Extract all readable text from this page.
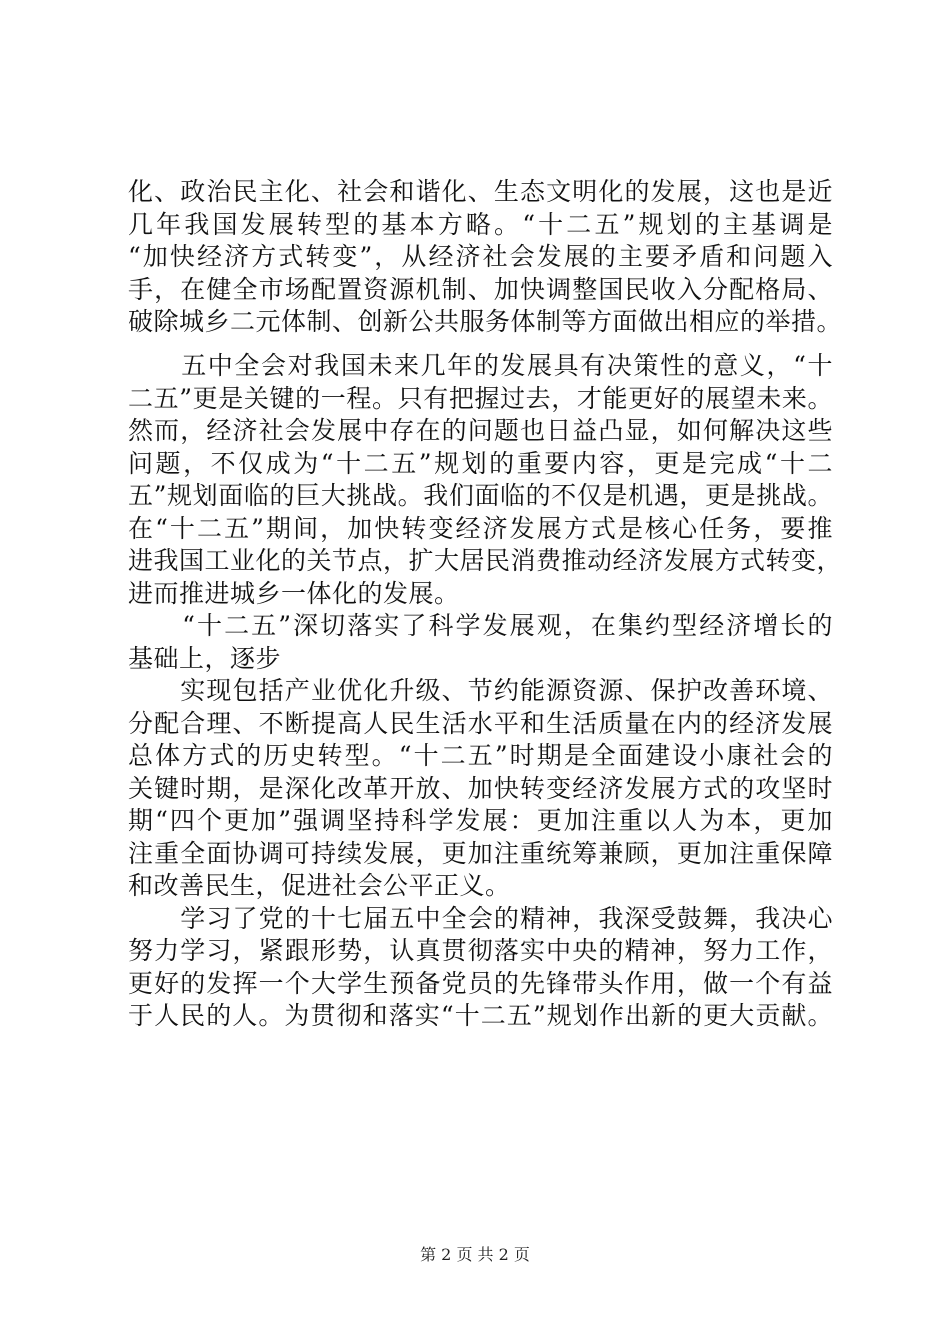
化、政治民主化、社会和谐化、生态文明化的发展，这也是近
几年我国发展转型的基本方略。“十二五”规划的主基调是
“加快经济方式转变”，从经济社会发展的主要矛盾和问题入
手，在健全市场配置资源机制、加快调整国民收入分配格局、
破除城乡二元体制、创新公共服务体制等方面做出相应的举措。
　　五中全会对我国未来几年的发展具有决策性的意义，“十
二五”更是关键的一程。只有把握过去，才能更好的展望未来。
然而，经济社会发展中存在的问题也日益凸显，如何解决这些
问题，不仅成为“十二五”规划的重要内容，更是完成“十二
五”规划面临的巨大挑战。我们面临的不仅是机遇，更是挑战。
在“十二五”期间，加快转变经济发展方式是核心任务，要推
进我国工业化的关节点，扩大居民消费推动经济发展方式转变，
进而推进城乡一体化的发展。
　　“十二五”深切落实了科学发展观，在集约型经济增长的
基础上，逐步
　　实现包括产业优化升级、节约能源资源、保护改善环境、
分配合理、不断提高人民生活水平和生活质量在内的经济发展
总体方式的历史转型。“十二五”时期是全面建设小康社会的
关键时期，是深化改革开放、加快转变经济发展方式的攻坚时
期“四个更加”强调坚持科学发展：更加注重以人为本，更加
注重全面协调可持续发展，更加注重统筹兼顾，更加注重保障
和改善民生，促进社会公平正义。
　　学习了党的十七届五中全会的精神，我深受鼓舞，我决心
努力学习，紧跟形势，认真贯彻落实中央的精神，努力工作，
更好的发挥一个大学生预备党员的先锋带头作用，做一个有益
于人民的人。为贯彻和落实“十二五”规划作出新的更大贡献。
第 2 页 共 2 页
